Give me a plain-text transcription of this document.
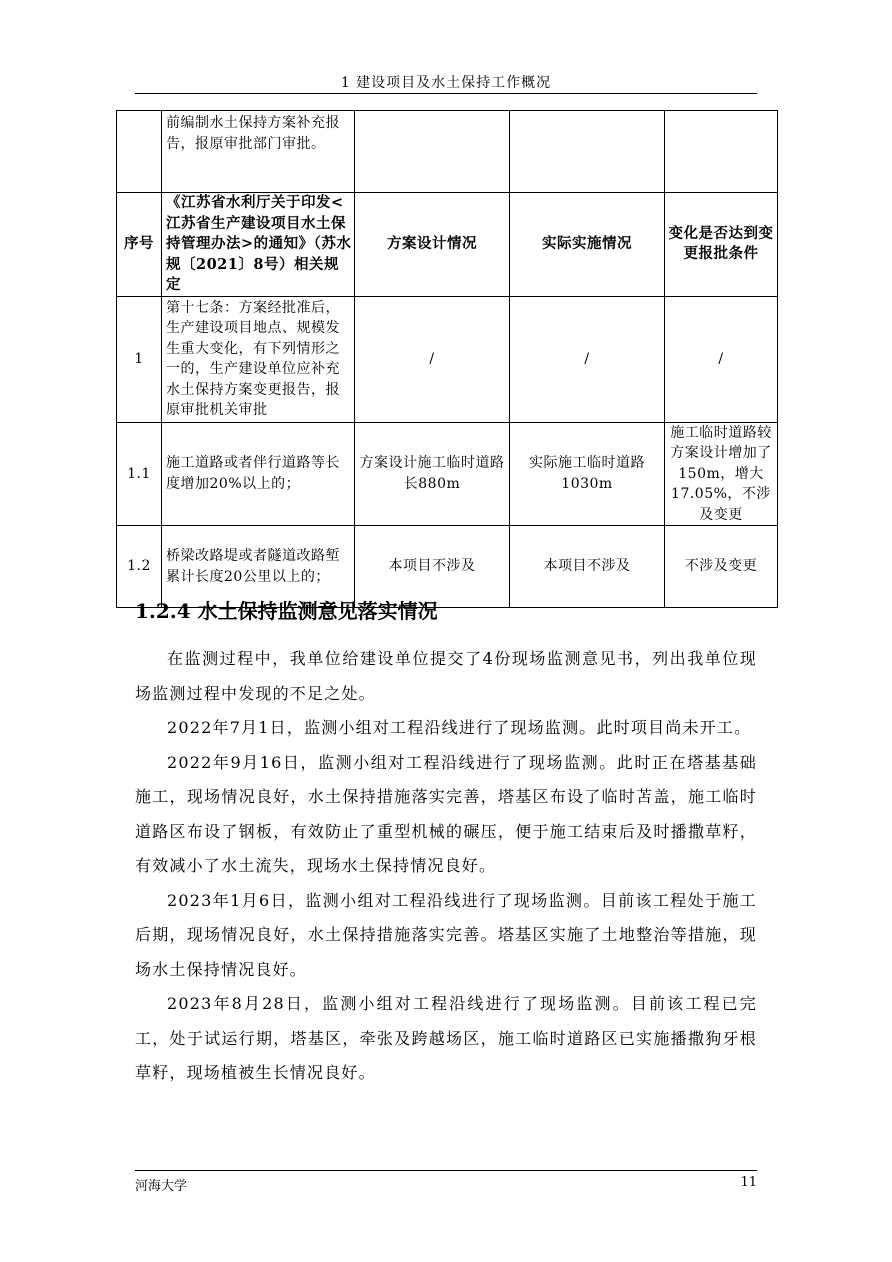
1 建设项目及水土保持工作概况
	前编制水土保持方案补充报告，报原审批部门审批。			
序号	《江苏省水利厅关于印发<江苏省生产建设项目水土保持管理办法>的通知》（苏水规〔2021〕8号）相关规定	方案设计情况	实际实施情况	变化是否达到变更报批条件
1	第十七条：方案经批准后，生产建设项目地点、规模发生重大变化，有下列情形之一的，生产建设单位应补充水土保持方案变更报告，报原审批机关审批	/	/	/
1.1	施工道路或者伴行道路等长度增加20%以上的；	方案设计施工临时道路长880m	实际施工临时道路1030m	施工临时道路较方案设计增加了150m，增大17.05%，不涉及变更
1.2	桥梁改路堤或者隧道改路堑累计长度20公里以上的；	本项目不涉及	本项目不涉及	不涉及变更
1.2.4 水土保持监测意见落实情况

在监测过程中，我单位给建设单位提交了4份现场监测意见书，列出我单位现场监测过程中发现的不足之处。

2022年7月1日，监测小组对工程沿线进行了现场监测。此时项目尚未开工。

2022年9月16日，监测小组对工程沿线进行了现场监测。此时正在塔基基础施工，现场情况良好，水土保持措施落实完善，塔基区布设了临时苫盖，施工临时道路区布设了钢板，有效防止了重型机械的碾压，便于施工结束后及时播撒草籽，有效减小了水土流失，现场水土保持情况良好。

2023年1月6日，监测小组对工程沿线进行了现场监测。目前该工程处于施工后期，现场情况良好，水土保持措施落实完善。塔基区实施了土地整治等措施，现场水土保持情况良好。

2023年8月28日，监测小组对工程沿线进行了现场监测。目前该工程已完工，处于试运行期，塔基区，牵张及跨越场区，施工临时道路区已实施播撒狗牙根草籽，现场植被生长情况良好。

河海大学	11
